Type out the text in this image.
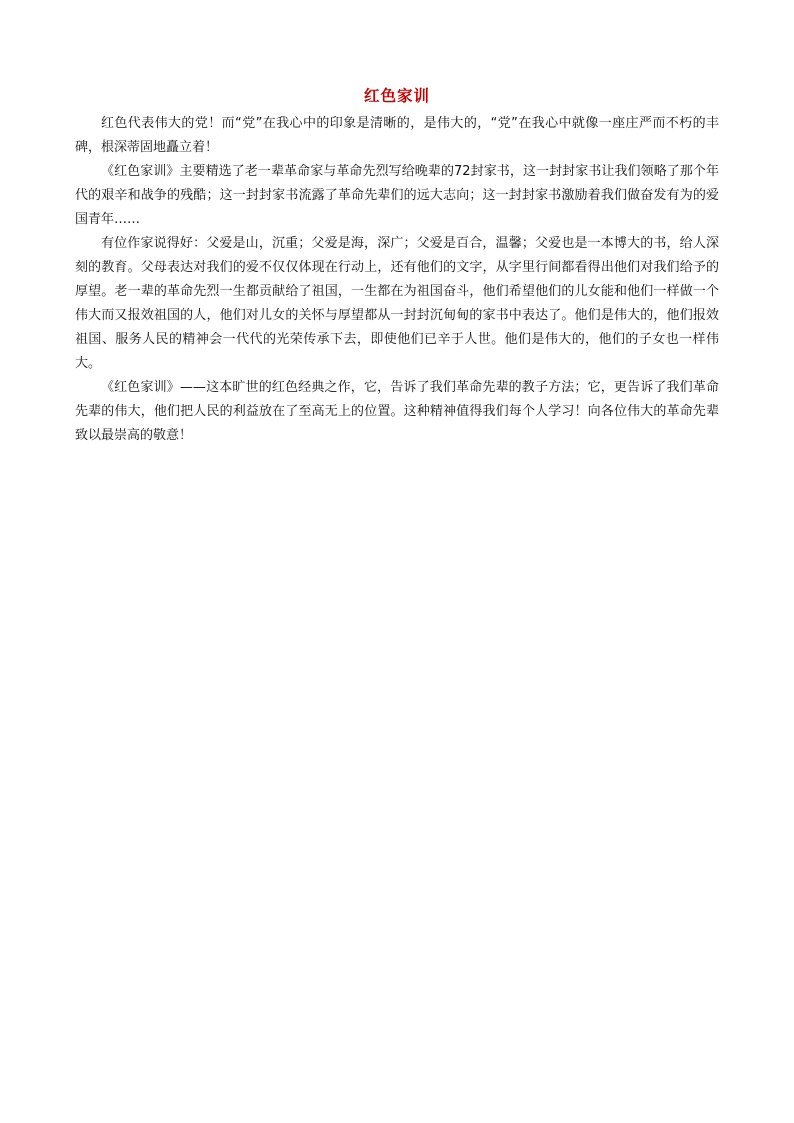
红色家训

红色代表伟大的党！而“党”在我心中的印象是清晰的，是伟大的，“党”在我心中就像一座庄严而不朽的丰碑，根深蒂固地矗立着！

《红色家训》主要精选了老一辈革命家与革命先烈写给晚辈的72封家书，这一封封家书让我们领略了那个年代的艰辛和战争的残酷；这一封封家书流露了革命先辈们的远大志向；这一封封家书激励着我们做奋发有为的爱国青年……

有位作家说得好：父爱是山，沉重；父爱是海，深广；父爱是百合，温馨；父爱也是一本博大的书，给人深刻的教育。父母表达对我们的爱不仅仅体现在行动上，还有他们的文字，从字里行间都看得出他们对我们给予的厚望。老一辈的革命先烈一生都贡献给了祖国，一生都在为祖国奋斗，他们希望他们的儿女能和他们一样做一个伟大而又报效祖国的人，他们对儿女的关怀与厚望都从一封封沉甸甸的家书中表达了。他们是伟大的，他们报效祖国、服务人民的精神会一代代的光荣传承下去，即使他们已辛于人世。他们是伟大的，他们的子女也一样伟大。

《红色家训》——这本旷世的红色经典之作，它，告诉了我们革命先辈的教子方法；它，更告诉了我们革命先辈的伟大，他们把人民的利益放在了至高无上的位置。这种精神值得我们每个人学习！向各位伟大的革命先辈致以最崇高的敬意！
